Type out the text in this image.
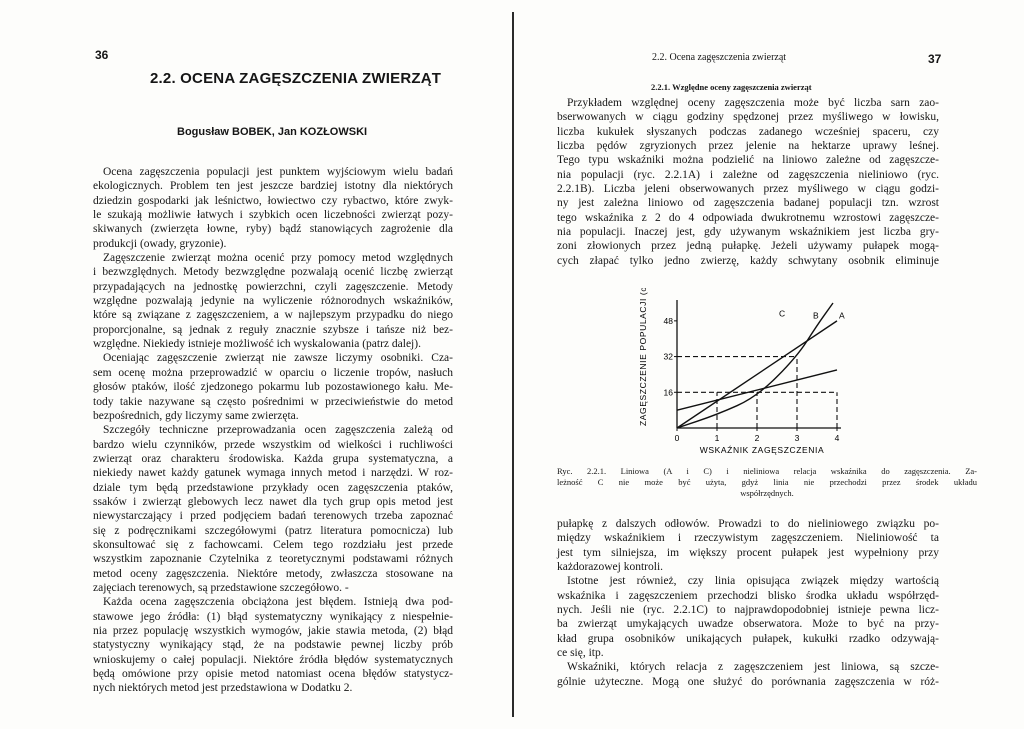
36
2.2. OCENA ZAGĘSZCZENIA ZWIERZĄT
Bogusław BOBEK, Jan KOZŁOWSKI
Ocena zagęszczenia populacji jest punktem wyjściowym wielu badań
ekologicznych. Problem ten jest jeszcze bardziej istotny dla niektórych
dziedzin gospodarki jak leśnictwo, łowiectwo czy rybactwo, które zwyk-
le szukają możliwie łatwych i szybkich ocen liczebności zwierząt pozy-
skiwanych (zwierzęta łowne, ryby) bądź stanowiących zagrożenie dla
produkcji (owady, gryzonie).
Zagęszczenie zwierząt można ocenić przy pomocy metod względnych
i bezwzględnych. Metody bezwzględne pozwalają ocenić liczbę zwierząt
przypadających na jednostkę powierzchni, czyli zagęszczenie. Metody
względne pozwalają jedynie na wyliczenie różnorodnych wskaźników,
które są związane z zagęszczeniem, a w najlepszym przypadku do niego
proporcjonalne, są jednak z reguły znacznie szybsze i tańsze niż bez-
względne. Niekiedy istnieje możliwość ich wyskalowania (patrz dalej).
Oceniając zagęszczenie zwierząt nie zawsze liczymy osobniki. Cza-
sem ocenę można przeprowadzić w oparciu o liczenie tropów, nasłuch
głosów ptaków, ilość zjedzonego pokarmu lub pozostawionego kału. Me-
tody takie nazywane są często pośrednimi w przeciwieństwie do metod
bezpośrednich, gdy liczymy same zwierzęta.
Szczegóły techniczne przeprowadzania ocen zagęszczenia zależą od
bardzo wielu czynników, przede wszystkim od wielkości i ruchliwości
zwierząt oraz charakteru środowiska. Każda grupa systematyczna, a
niekiedy nawet każdy gatunek wymaga innych metod i narzędzi. W roz-
dziale tym będą przedstawione przykłady ocen zagęszczenia ptaków,
ssaków i zwierząt glebowych lecz nawet dla tych grup opis metod jest
niewystarczający i przed podjęciem badań terenowych trzeba zapoznać
się z podręcznikami szczegółowymi (patrz literatura pomocnicza) lub
skonsultować się z fachowcami. Celem tego rozdziału jest przede
wszystkim zapoznanie Czytelnika z teoretycznymi podstawami różnych
metod oceny zagęszczenia. Niektóre metody, zwłaszcza stosowane na
zajęciach terenowych, są przedstawione szczegółowo. -
Każda ocena zagęszczenia obciążona jest błędem. Istnieją dwa pod-
stawowe jego źródła: (1) błąd systematyczny wynikający z niespełnie-
nia przez populację wszystkich wymogów, jakie stawia metoda, (2) błąd
statystyczny wynikający stąd, że na podstawie pewnej liczby prób
wnioskujemy o całej populacji. Niektóre źródła błędów systematycznych
będą omówione przy opisie metod natomiast ocena błędów statystycz-
nych niektórych metod jest przedstawiona w Dodatku 2.
2.2. Ocena zagęszczenia zwierząt	37
2.2.1. Względne oceny zagęszczenia zwierząt
Przykładem względnej oceny zagęszczenia może być liczba sarn zao-
bserwowanych w ciągu godziny spędzonej przez myśliwego w łowisku,
liczba kukułek słyszanych podczas zadanego wcześniej spaceru, czy
liczba pędów zgryzionych przez jelenie na hektarze uprawy leśnej.
Tego typu wskaźniki można podzielić na liniowo zależne od zagęszcze-
nia populacji (ryc. 2.2.1A) i zależne od zagęszczenia nieliniowo (ryc.
2.2.1B). Liczba jeleni obserwowanych przez myśliwego w ciągu godzi-
ny jest zależna liniowo od zagęszczenia badanej populacji tzn. wzrost
tego wskaźnika z 2 do 4 odpowiada dwukrotnemu wzrostowi zagęszcze-
nia populacji. Inaczej jest, gdy używanym wskaźnikiem jest liczba gry-
zoni złowionych przez jedną pułapkę. Jeżeli używamy pułapek mogą-
cych złapać tylko jedno zwierzę, każdy schwytany osobnik eliminuje
0	1	2	3	4
16
32
48
C	B A
WSKAŹNIK ZAGĘSZCZENIA
ZAGĘSZCZENIE POPULACJI (os/ha)
Ryc. 2.2.1. Liniowa (A i C) i nieliniowa relacja wskaźnika do zagęszczenia. Za-
leżność C nie może być użyta, gdyż linia nie przechodzi przez środek układu
współrzędnych.
pułapkę z dalszych odłowów. Prowadzi to do nieliniowego związku po-
między wskaźnikiem i rzeczywistym zagęszczeniem. Nieliniowość ta
jest tym silniejsza, im większy procent pułapek jest wypełniony przy
każdorazowej kontroli.
Istotne jest również, czy linia opisująca związek między wartością
wskaźnika i zagęszczeniem przechodzi blisko środka układu współrzęd-
nych. Jeśli nie (ryc. 2.2.1C) to najprawdopodobniej istnieje pewna licz-
ba zwierząt umykających uwadze obserwatora. Może to być na przy-
kład grupa osobników unikających pułapek, kukułki rzadko odzywają-
ce się, itp.
Wskaźniki, których relacja z zagęszczeniem jest liniowa, są szcze-
gólnie użyteczne. Mogą one służyć do porównania zagęszczenia w róż-
